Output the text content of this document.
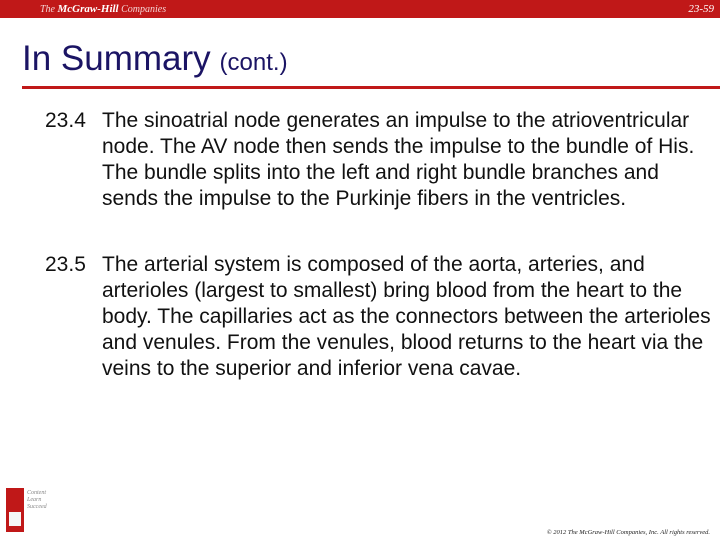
The McGraw-Hill Companies	23-59
In Summary (cont.)
23.4 The sinoatrial node generates an impulse to the atrioventricular node. The AV node then sends the impulse to the bundle of His. The bundle splits into the left and right bundle branches and sends the impulse to the Purkinje fibers in the ventricles.
23.5 The arterial system is composed of the aorta, arteries, and arterioles (largest to smallest) bring blood from the heart to the body. The capillaries act as the connectors between the arterioles and venules. From the venules, blood returns to the heart via the veins to the superior and inferior vena cavae.
Content
Learn
Succeed
© 2012 The McGraw-Hill Companies, Inc. All rights reserved.
